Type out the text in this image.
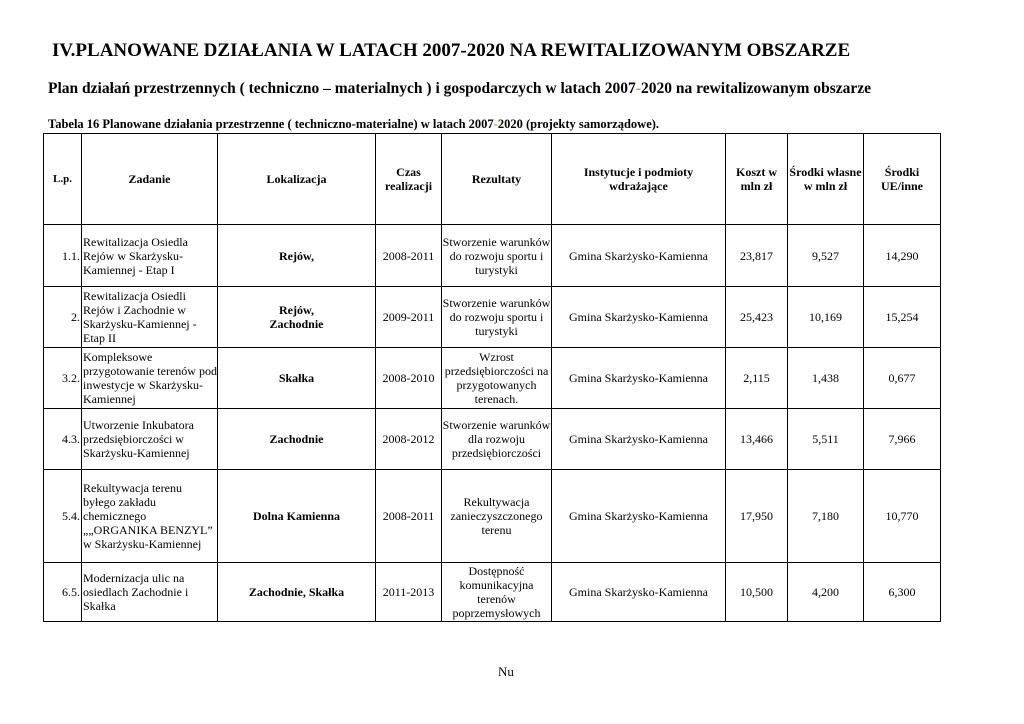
IV.PLANOWANE DZIAŁANIA W LATACH 2007-2020 NA REWITALIZOWANYM OBSZARZE
Plan działań przestrzennych ( techniczno – materialnych ) i gospodarczych w latach 2007-2020 na rewitalizowanym obszarze
Tabela 16 Planowane działania przestrzenne ( techniczno-materialne) w latach 2007-2020 (projekty samorządowe).
L.p.	Zadanie	Lokalizacja	Czas realizacji	Rezultaty	Instytucje i podmioty wdrażające	Koszt w mln zł	Środki własne w mln zł	Środki UE/inne
1.1.	Rewitalizacja Osiedla Rejów w Skarżysku-Kamiennej - Etap I	Rejów,	2008-2011	Stworzenie warunków do rozwoju sportu i turystyki	Gmina Skarżysko-Kamienna	23,817	9,527	14,290
2.	Rewitalizacja Osiedli Rejów i Zachodnie w Skarżysku-Kamiennej - Etap II	Rejów, Zachodnie	2009-2011	Stworzenie warunków do rozwoju sportu i turystyki	Gmina Skarżysko-Kamienna	25,423	10,169	15,254
3.2.	Kompleksowe przygotowanie terenów pod inwestycje w Skarżysku-Kamiennej	Skałka	2008-2010	Wzrost przedsiębiorczości na przygotowanych terenach.	Gmina Skarżysko-Kamienna	2,115	1,438	0,677
4.3.	Utworzenie Inkubatora przedsiębiorczości w Skarżysku-Kamiennej	Zachodnie	2008-2012	Stworzenie warunków dla rozwoju przedsiębiorczości	Gmina Skarżysko-Kamienna	13,466	5,511	7,966
5.4.	Rekultywacja terenu byłego zakładu chemicznego „„ORGANIKA BENZYL” w Skarżysku-Kamiennej	Dolna Kamienna	2008-2011	Rekultywacja zanieczyszczonego terenu	Gmina Skarżysko-Kamienna	17,950	7,180	10,770
6.5.	Modernizacja ulic na osiedlach Zachodnie i Skałka	Zachodnie, Skałka	2011-2013	Dostępność komunikacyjna terenów poprzemysłowych	Gmina Skarżysko-Kamienna	10,500	4,200	6,300
Nu
